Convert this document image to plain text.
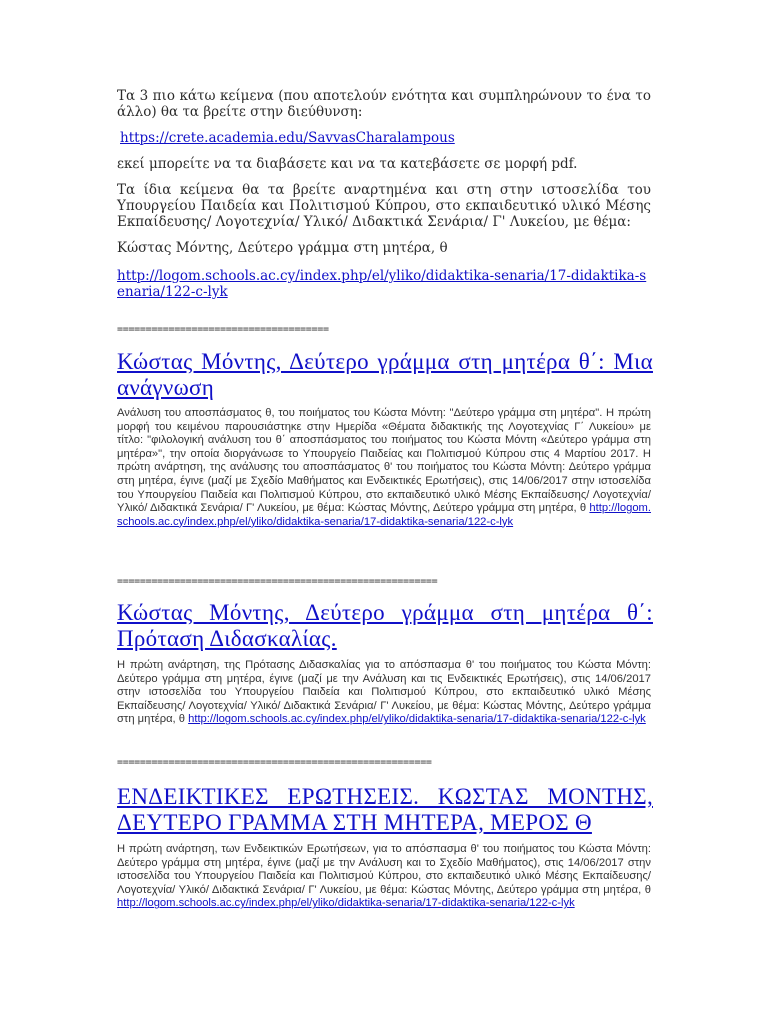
Τα 3 πιο κάτω κείμενα (που αποτελούν ενότητα και συμπληρώνουν το ένα το άλλο) θα τα βρείτε στην διεύθυνση:

https://crete.academia.edu/SavvasCharalampous

εκεί μπορείτε να τα διαβάσετε και να τα κατεβάσετε σε μορφή pdf.

Τα ίδια κείμενα θα τα βρείτε αναρτημένα και στη στην ιστοσελίδα του Υπουργείου Παιδεία και Πολιτισμού Κύπρου, στο εκπαιδευτικό υλικό Μέσης Εκπαίδευσης/ Λογοτεχνία/ Υλικό/ Διδακτικά Σενάρια/ Γ' Λυκείου, με θέμα:

Κώστας Μόντης, Δεύτερο γράμμα στη μητέρα, θ

http://logom.schools.ac.cy/index.php/el/yliko/didaktika-senaria/17-didaktika-senaria/122-c-lyk

=====================================
Κώστας Μόντης, Δεύτερο γράμμα στη μητέρα θ΄: Μια ανάγνωση

Ανάλυση του αποσπάσματος θ, του ποιήματος του Κώστα Μόντη: "Δεύτερο γράμμα στη μητέρα". Η πρώτη μορφή του κειμένου παρουσιάστηκε στην Ημερίδα «Θέματα διδακτικής της Λογοτεχνίας Γ΄ Λυκείου» με τίτλο: "φιλολογική ανάλυση του θ΄ αποσπάσματος του ποιήματος του Κώστα Μόντη «Δεύτερο γράμμα στη μητέρα»", την οποία διοργάνωσε το Υπουργείο Παιδείας και Πολιτισμού Κύπρου στις 4 Μαρτίου 2017. Η πρώτη ανάρτηση, της ανάλυσης του αποσπάσματος θ' του ποιήματος του Κώστα Μόντη: Δεύτερο γράμμα στη μητέρα, έγινε (μαζί με Σχεδίο Μαθήματος και Ενδεικτικές Ερωτήσεις), στις 14/06/2017 στην ιστοσελίδα του Υπουργείου Παιδεία και Πολιτισμού Κύπρου, στο εκπαιδευτικό υλικό Μέσης Εκπαίδευσης/ Λογοτεχνία/ Υλικό/ Διδακτικά Σενάρια/ Γ' Λυκείου, με θέμα: Κώστας Μόντης, Δεύτερο γράμμα στη μητέρα, θ http://logom.schools.ac.cy/index.php/el/yliko/didaktika-senaria/17-didaktika-senaria/122-c-lyk

========================================================
Κώστας Μόντης, Δεύτερο γράμμα στη μητέρα θ΄: Πρόταση Διδασκαλίας.

Η πρώτη ανάρτηση, της Πρότασης Διδασκαλίας για το απόσπασμα θ' του ποιήματος του Κώστα Μόντη: Δεύτερο γράμμα στη μητέρα, έγινε (μαζί με την Ανάλυση και τις Ενδεικτικές Ερωτήσεις), στις 14/06/2017 στην ιστοσελίδα του Υπουργείου Παιδεία και Πολιτισμού Κύπρου, στο εκπαιδευτικό υλικό Μέσης Εκπαίδευσης/ Λογοτεχνία/ Υλικό/ Διδακτικά Σενάρια/ Γ' Λυκείου, με θέμα: Κώστας Μόντης, Δεύτερο γράμμα στη μητέρα, θ http://logom.schools.ac.cy/index.php/el/yliko/didaktika-senaria/17-didaktika-senaria/122-c-lyk

=======================================================
ΕΝΔΕΙΚΤΙΚΕΣ ΕΡΩΤΗΣΕΙΣ. ΚΩΣΤΑΣ ΜΟΝΤΗΣ, ΔΕΥΤΕΡΟ ΓΡΑΜΜΑ ΣΤΗ ΜΗΤΕΡΑ, ΜΕΡΟΣ Θ

Η πρώτη ανάρτηση, των Ενδεικτικών Ερωτήσεων, για το απόσπασμα θ' του ποιήματος του Κώστα Μόντη: Δεύτερο γράμμα στη μητέρα, έγινε (μαζί με την Ανάλυση και το Σχεδίο Μαθήματος), στις 14/06/2017 στην ιστοσελίδα του Υπουργείου Παιδεία και Πολιτισμού Κύπρου, στο εκπαιδευτικό υλικό Μέσης Εκπαίδευσης/ Λογοτεχνία/ Υλικό/ Διδακτικά Σενάρια/ Γ' Λυκείου, με θέμα: Κώστας Μόντης, Δεύτερο γράμμα στη μητέρα, θ http://logom.schools.ac.cy/index.php/el/yliko/didaktika-senaria/17-didaktika-senaria/122-c-lyk
